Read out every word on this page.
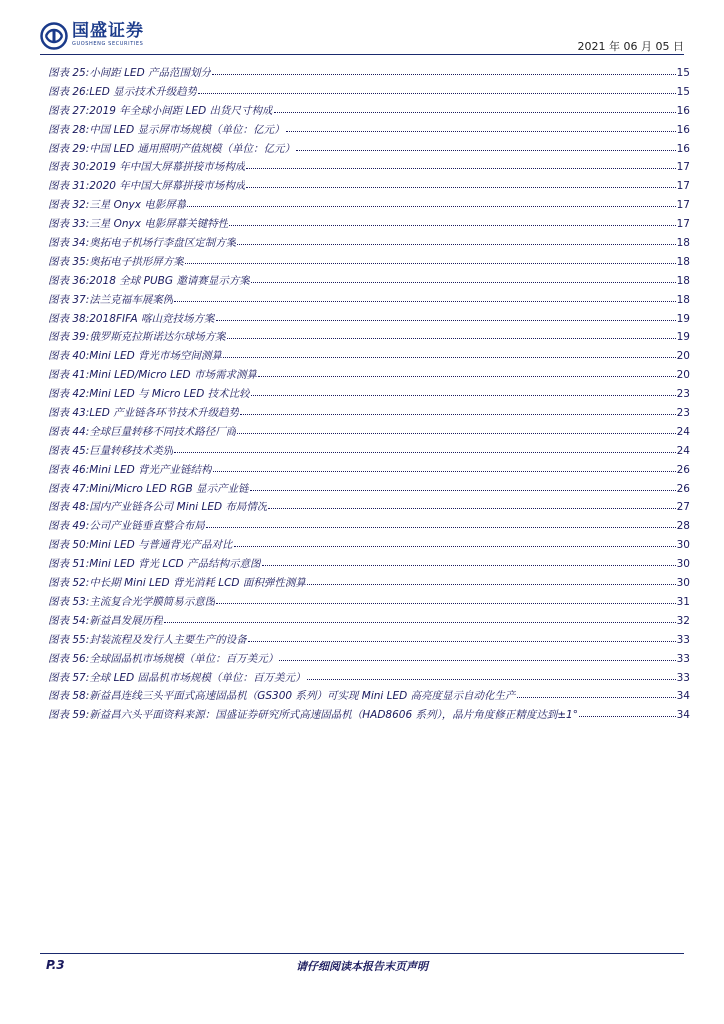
国盛证券
GUOSHENG SECURITIES	2021 年 06 月 05 日
图表 25: 小间距 LED 产品范围划分	15
图表 26: LED 显示技术升级趋势	15
图表 27: 2019 年全球小间距 LED 出货尺寸构成	16
图表 28: 中国 LED 显示屏市场规模（单位：亿元）	16
图表 29: 中国 LED 通用照明产值规模（单位：亿元）	16
图表 30: 2019 年中国大屏幕拼接市场构成	17
图表 31: 2020 年中国大屏幕拼接市场构成	17
图表 32: 三星 Onyx 电影屏幕	17
图表 33: 三星 Onyx 电影屏幕关键特性	17
图表 34: 奥拓电子机场行李盘区定制方案	18
图表 35: 奥拓电子拱形屏方案	18
图表 36: 2018 全球 PUBG 邀请赛显示方案	18
图表 37: 法兰克福车展案例	18
图表 38: 2018FIFA 喀山竞技场方案	19
图表 39: 俄罗斯克拉斯诺达尔球场方案	19
图表 40: Mini LED 背光市场空间测算	20
图表 41: Mini LED/Micro LED 市场需求测算	20
图表 42: Mini LED 与 Micro LED 技术比较	23
图表 43: LED 产业链各环节技术升级趋势	23
图表 44: 全球巨量转移不同技术路径厂商	24
图表 45: 巨量转移技术类别	24
图表 46: Mini LED 背光产业链结构	26
图表 47: Mini/Micro LED RGB 显示产业链	26
图表 48: 国内产业链各公司 Mini LED 布局情况	27
图表 49: 公司产业链垂直整合布局	28
图表 50: Mini LED 与普通背光产品对比	30
图表 51: Mini LED 背光 LCD 产品结构示意图	30
图表 52: 中长期 Mini LED 背光消耗 LCD 面积弹性测算	30
图表 53: 主流复合光学膜简易示意图	31
图表 54: 新益昌发展历程	32
图表 55: 封装流程及发行人主要生产的设备	33
图表 56: 全球固晶机市场规模（单位：百万美元）	33
图表 57: 全球 LED 固晶机市场规模（单位：百万美元）	33
图表 58: 新益昌连线三头平面式高速固晶机（GS300 系列）可实现 Mini LED 高亮度显示自动化生产	34
图表 59: 新益昌六头平面资料来源：国盛证券研究所式高速固晶机（HAD8606 系列），晶片角度修正精度达到±1°	34
P.3	请仔细阅读本报告末页声明
